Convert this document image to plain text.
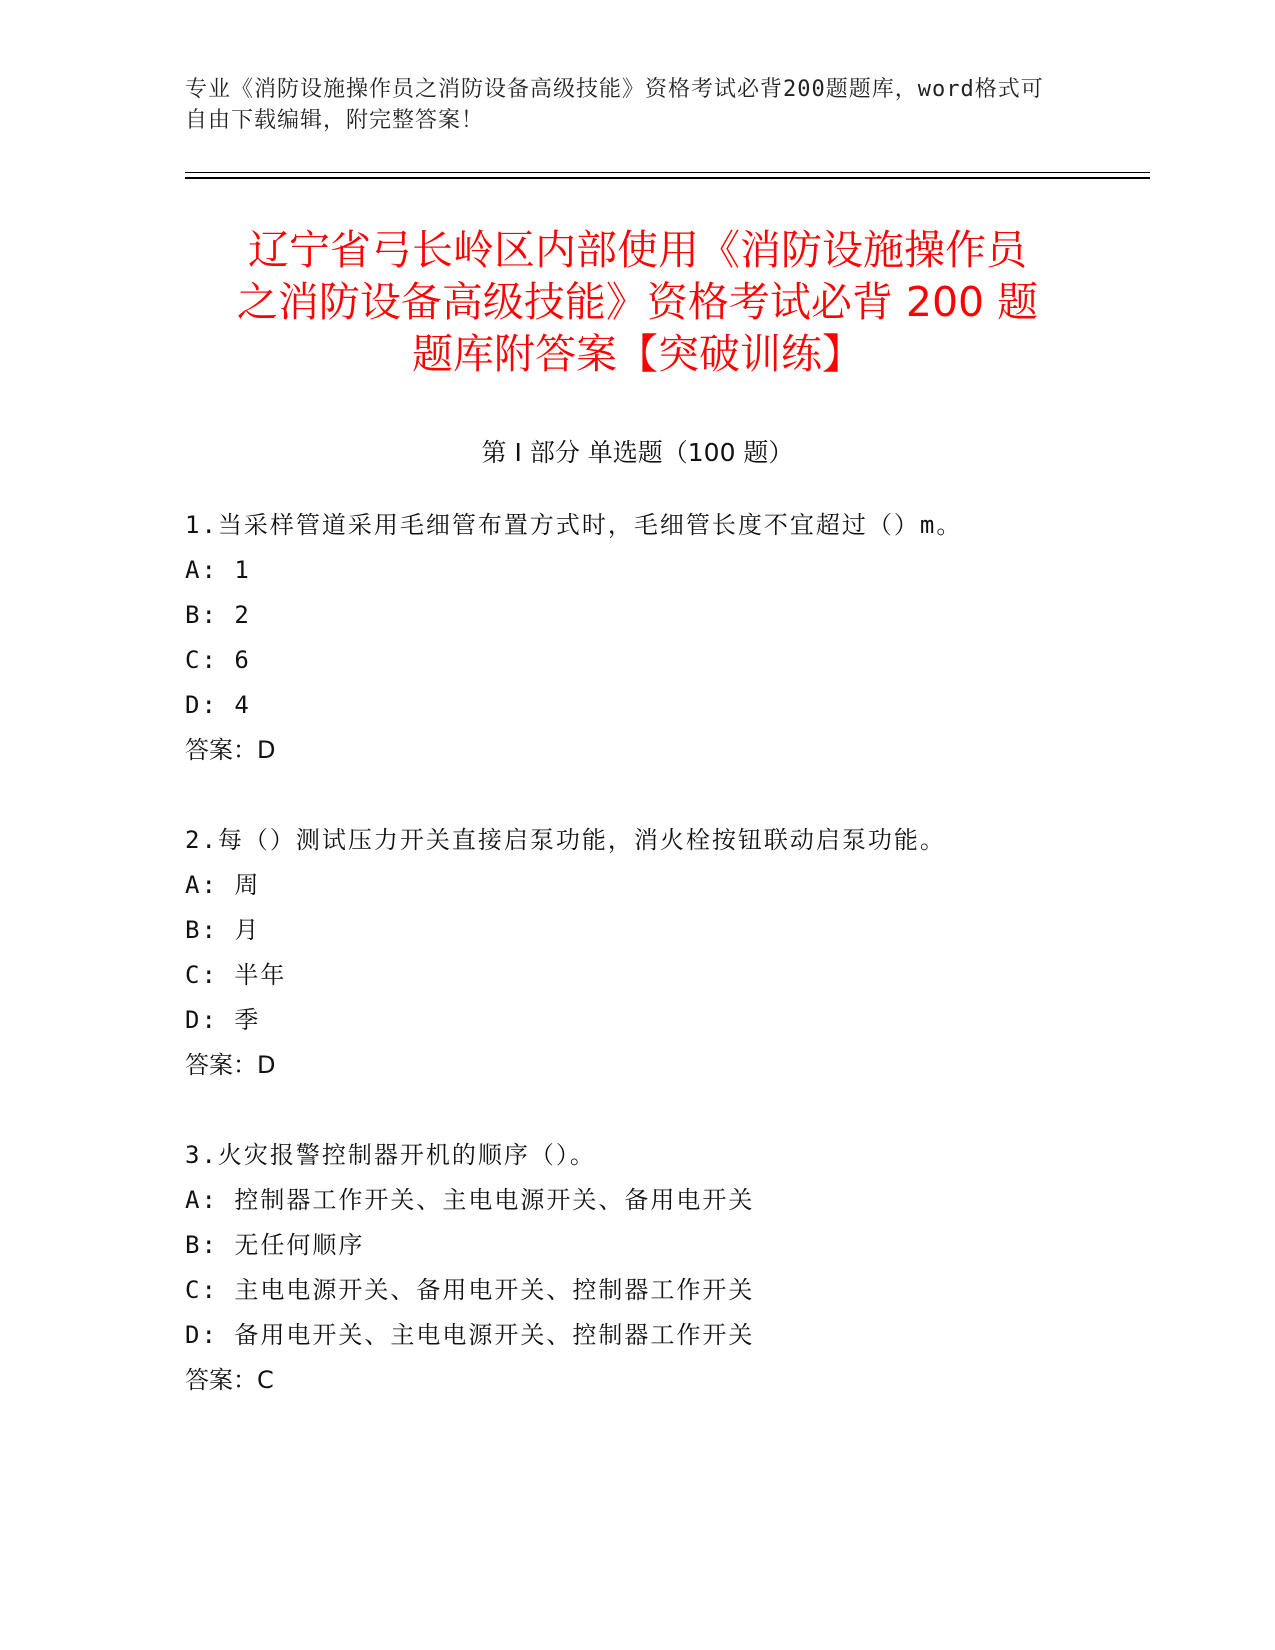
专业《消防设施操作员之消防设备高级技能》资格考试必背200题题库，word格式可自由下载编辑，附完整答案！
辽宁省弓长岭区内部使用《消防设施操作员
之消防设备高级技能》资格考试必背 200 题
题库附答案【突破训练】
第 I 部分 单选题（100 题）
1.当采样管道采用毛细管布置方式时，毛细管长度不宜超过（）m。
A: 1
B: 2
C: 6
D: 4
答案：D
2.每（）测试压力开关直接启泵功能，消火栓按钮联动启泵功能。
A: 周
B: 月
C: 半年
D: 季
答案：D
3.火灾报警控制器开机的顺序（）。
A: 控制器工作开关、主电电源开关、备用电开关
B: 无任何顺序
C: 主电电源开关、备用电开关、控制器工作开关
D: 备用电开关、主电电源开关、控制器工作开关
答案：C
